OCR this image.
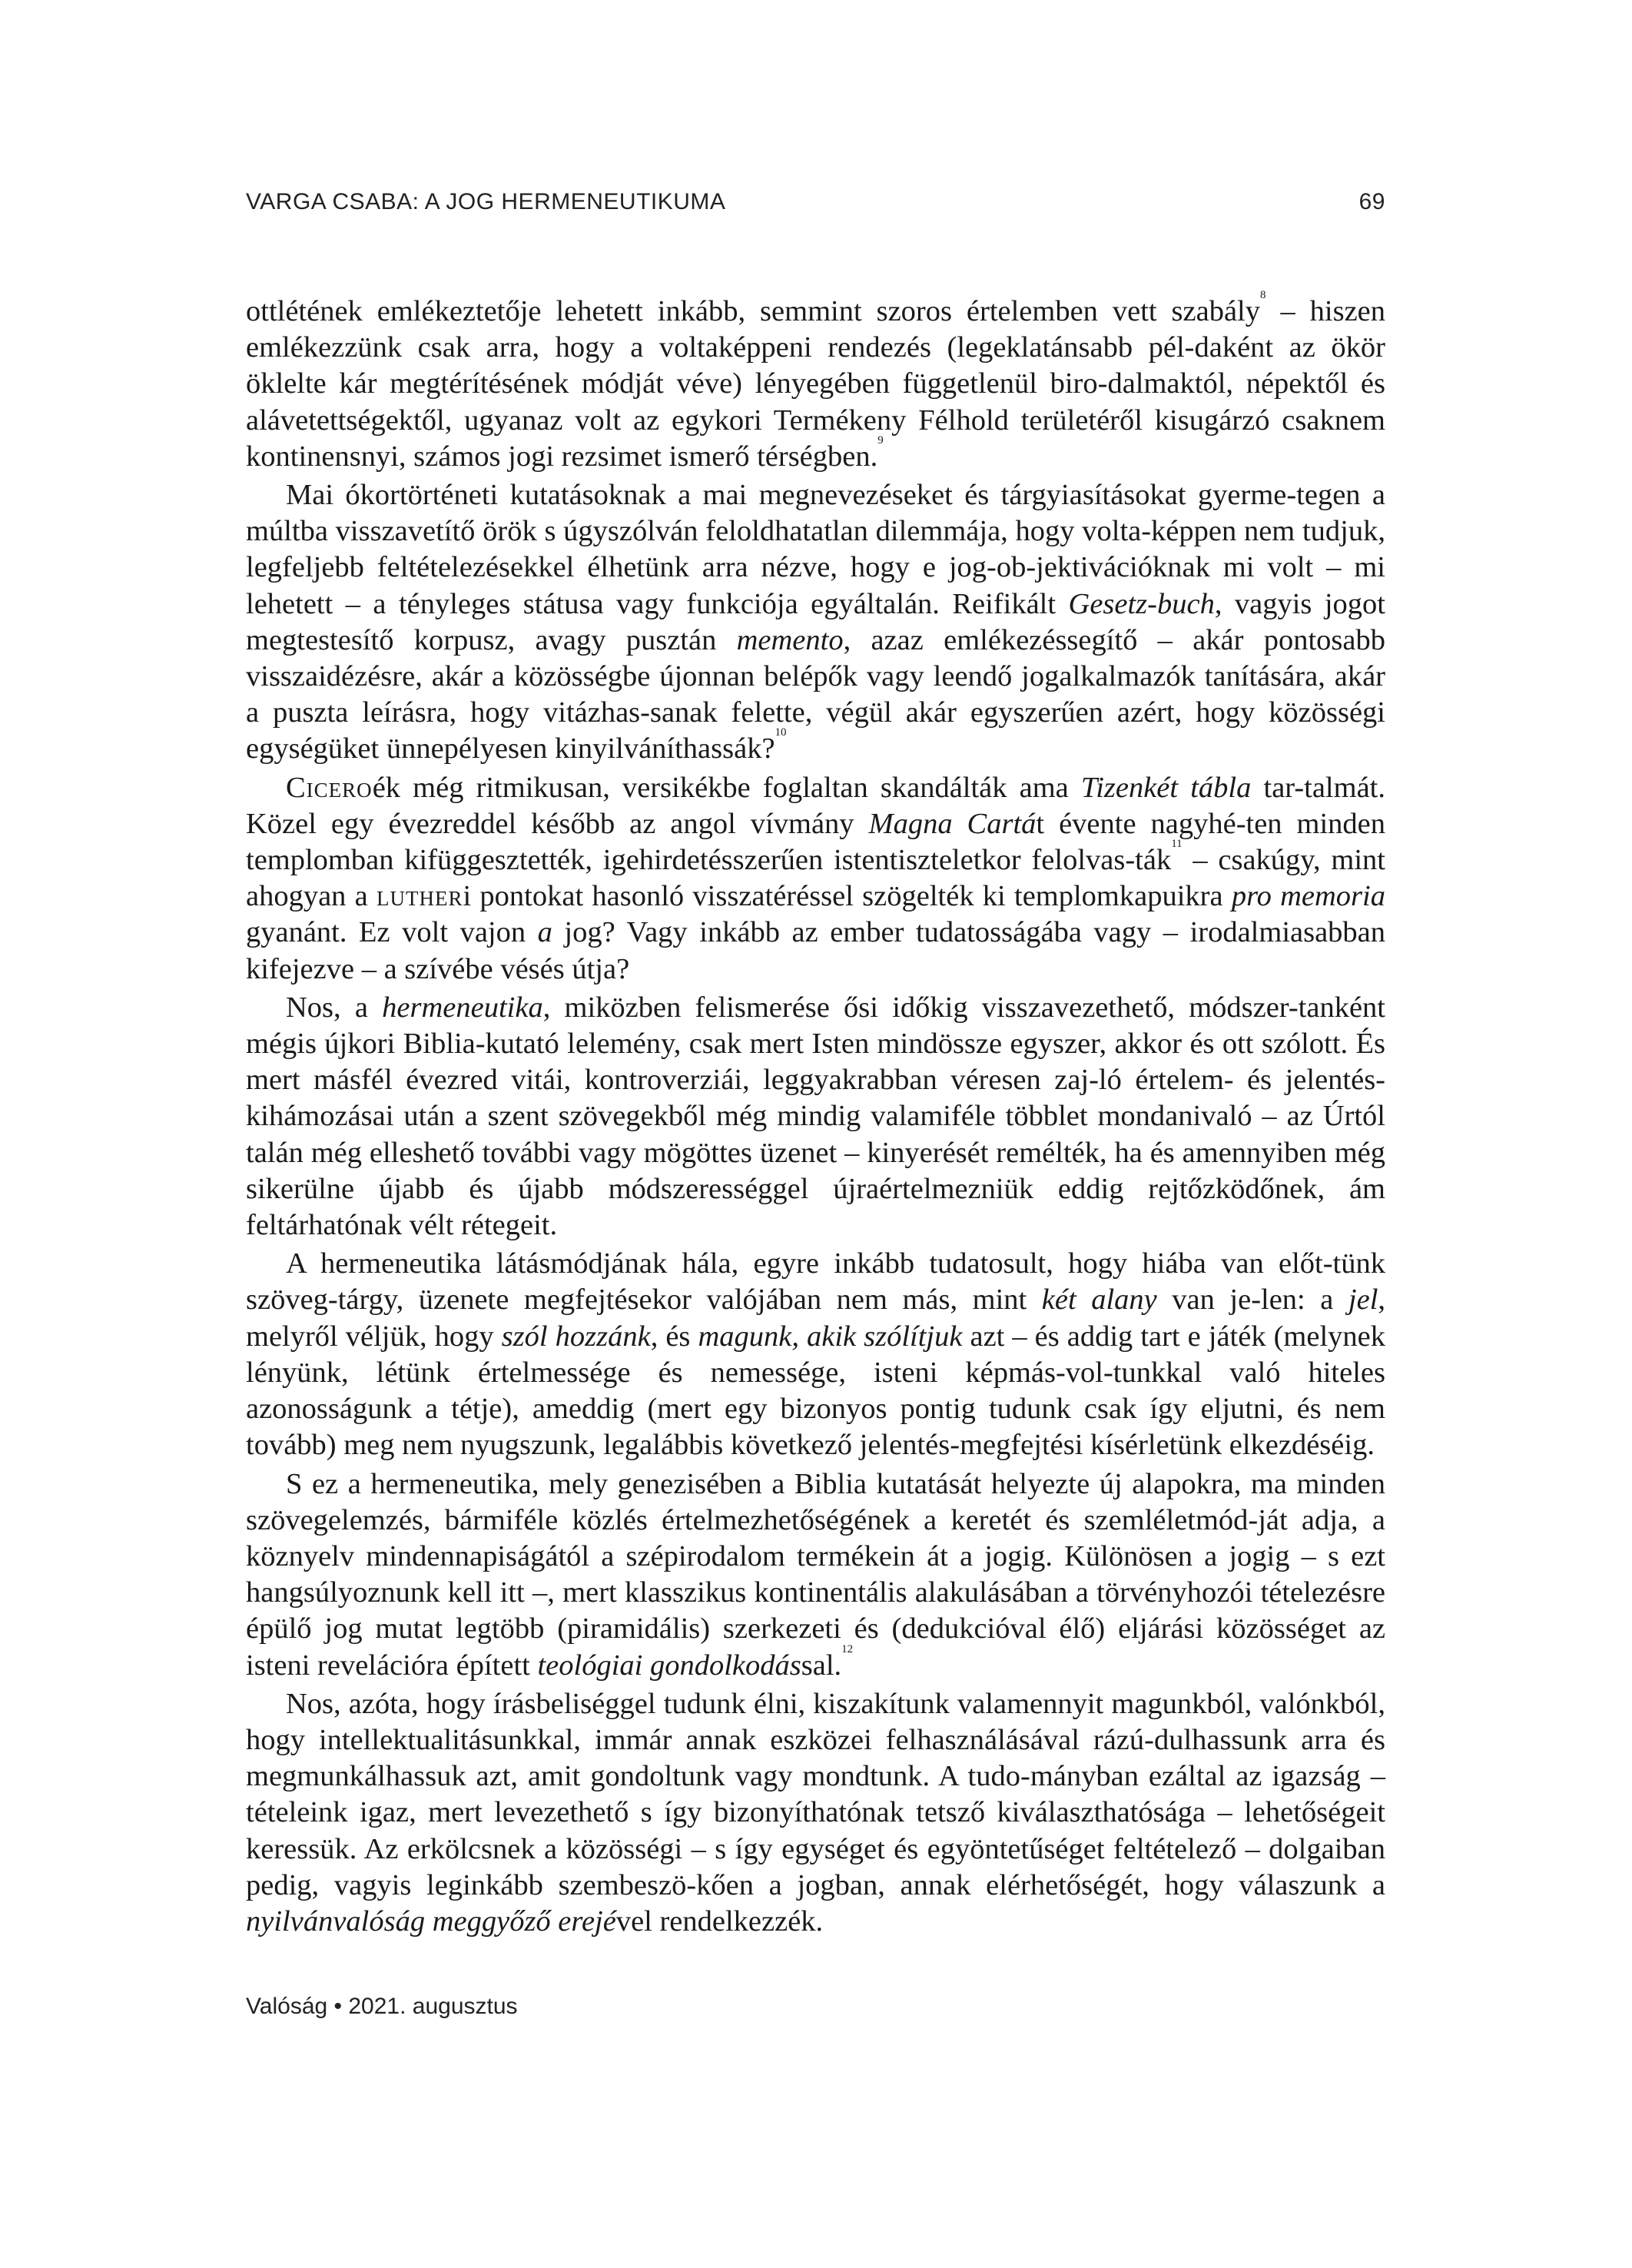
VARGA CSABA: A JOG HERMENEUTIKUMA	69

ottlétének emlékeztetője lehetett inkább, semmint szoros értelemben vett szabály$^8$ – hiszen emlékezzünk csak arra, hogy a voltaképpeni rendezés (legeklatánsabb pél-daként az ökör öklelte kár megtérítésének módját véve) lényegében függetlenül biro-dalmaktól, népektől és alávetettségektől, ugyanaz volt az egykori Termékeny Félhold területéről kisugárzó csaknem kontinensnyi, számos jogi rezsimet ismerő térségben.$^9$

Mai ókortörténeti kutatásoknak a mai megnevezéseket és tárgyiasításokat gyerme-tegen a múltba visszavetítő örök s úgyszólván feloldhatatlan dilemmája, hogy volta-képpen nem tudjuk, legfeljebb feltételezésekkel élhetünk arra nézve, hogy e jog-ob-jektivációknak mi volt – mi lehetett – a tényleges státusa vagy funkciója egyáltalán. Reifikált Gesetz-buch, vagyis jogot megtestesítő korpusz, avagy pusztán memento, azaz emlékezéssegítő – akár pontosabb visszaidézésre, akár a közösségbe újonnan belépők vagy leendő jogalkalmazók tanítására, akár a puszta leírásra, hogy vitázhas-sanak felette, végül akár egyszerűen azért, hogy közösségi egységüket ünnepélyesen kinyilváníthassák?$^{10}$

Ciceroék még ritmikusan, versikékbe foglaltan skandálták ama Tizenkét tábla tar-talmát. Közel egy évezreddel később az angol vívmány Magna Cartát évente nagyhé-ten minden templomban kifüggesztették, igehirdetésszerűen istentiszteletkor felolvas-ták$^{11}$ – csakúgy, mint ahogyan a lutheri pontokat hasonló visszatéréssel szögelték ki templomkapuikra pro memoria gyanánt. Ez volt vajon a jog? Vagy inkább az ember tudatosságába vagy – irodalmiasabban kifejezve – a szívébe vésés útja?

Nos, a hermeneutika, miközben felismerése ősi időkig visszavezethető, módszer-tanként mégis újkori Biblia-kutató lelemény, csak mert Isten mindössze egyszer, akkor és ott szólott. És mert másfél évezred vitái, kontroverziái, leggyakrabban véresen zaj-ló értelem- és jelentés-kihámozásai után a szent szövegekből még mindig valamiféle többlet mondanivaló – az Úrtól talán még elleshető további vagy mögöttes üzenet – kinyerését remélték, ha és amennyiben még sikerülne újabb és újabb módszerességgel újraértelmezniük eddig rejtőzködőnek, ám feltárhatónak vélt rétegeit.

A hermeneutika látásmódjának hála, egyre inkább tudatosult, hogy hiába van előt-tünk szöveg-tárgy, üzenete megfejtésekor valójában nem más, mint két alany van je-len: a jel, melyről véljük, hogy szól hozzánk, és magunk, akik szólítjuk azt – és addig tart e játék (melynek lényünk, létünk értelmessége és nemessége, isteni képmás-vol-tunkkal való hiteles azonosságunk a tétje), ameddig (mert egy bizonyos pontig tudunk csak így eljutni, és nem tovább) meg nem nyugszunk, legalábbis következő jelentés-megfejtési kísérletünk elkezdéséig.

S ez a hermeneutika, mely genezisében a Biblia kutatását helyezte új alapokra, ma minden szövegelemzés, bármiféle közlés értelmezhetőségének a keretét és szemléletmód-ját adja, a köznyelv mindennapiságától a szépirodalom termékein át a jogig. Különösen a jogig – s ezt hangsúlyoznunk kell itt –, mert klasszikus kontinentális alakulásában a törvényhozói tételezésre épülő jog mutat legtöbb (piramidális) szerkezeti és (dedukcióval élő) eljárási közösséget az isteni revelációra épített teológiai gondolkodással.$^{12}$

Nos, azóta, hogy írásbeliséggel tudunk élni, kiszakítunk valamennyit magunkból, valónkból, hogy intellektualitásunkkal, immár annak eszközei felhasználásával rázú-dulhassunk arra és megmunkálhassuk azt, amit gondoltunk vagy mondtunk. A tudo-mányban ezáltal az igazság – tételeink igaz, mert levezethető s így bizonyíthatónak tetsző kiválaszthatósága – lehetőségeit keressük. Az erkölcsnek a közösségi – s így egységet és egyöntetűséget feltételező – dolgaiban pedig, vagyis leginkább szembeszö-kően a jogban, annak elérhetőségét, hogy válaszunk a nyilvánvalóság meggyőző erejével rendelkezzék.

Valóság • 2021. augusztus
